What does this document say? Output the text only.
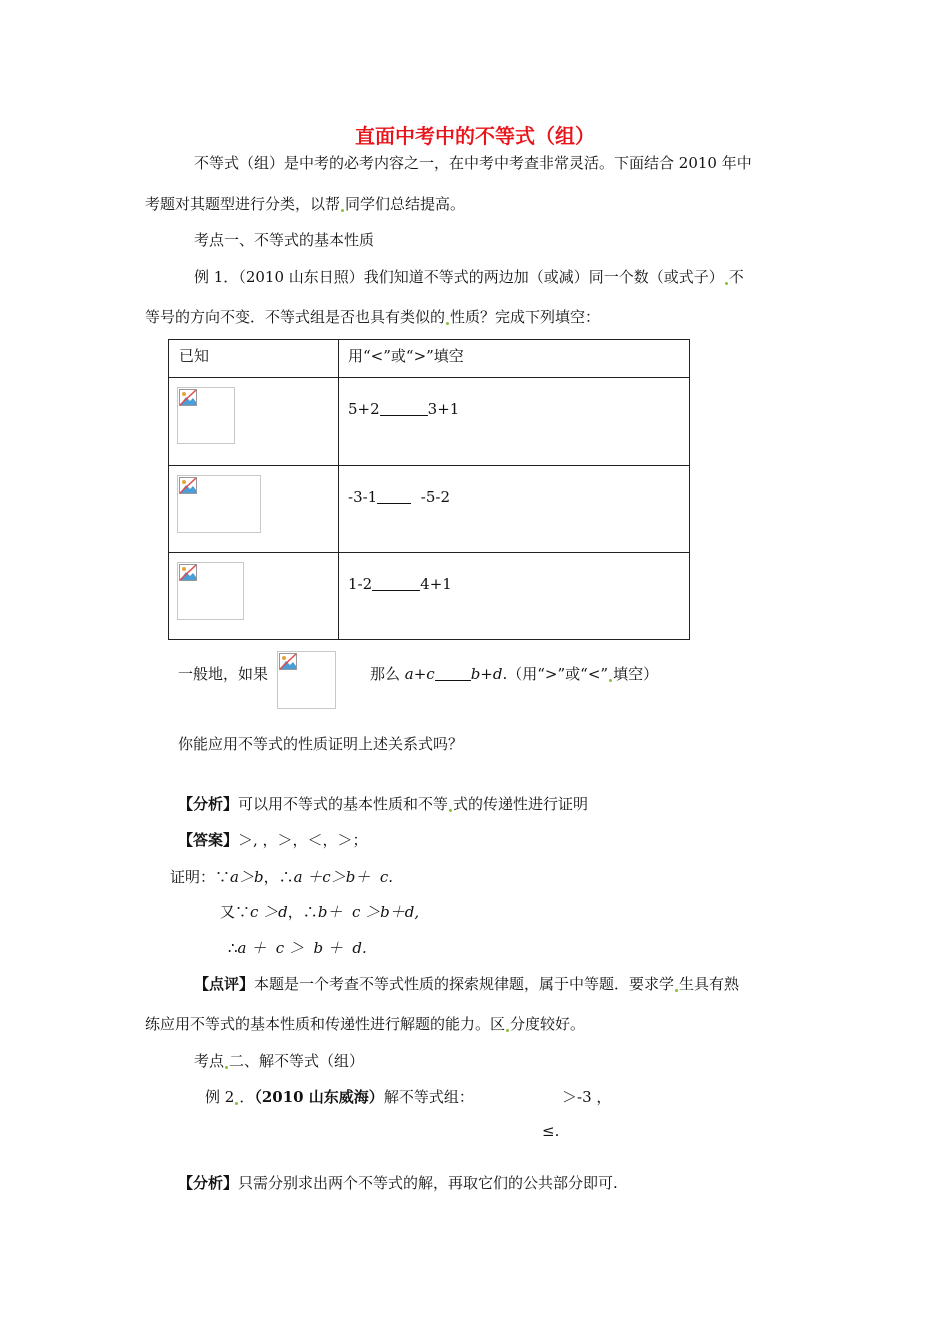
直面中考中的不等式（组）
不等式（组）是中考的必考内容之一，在中考中考查非常灵活。下面结合 2010 年中
考题对其题型进行分类，以帮 同学们总结提高。
考点一、不等式的基本性质
例 1．（2010 山东日照）我们知道不等式的两边加（或减）同一个数（或式子） 不
等号的方向不变．不等式组是否也具有类似的 性质？完成下列填空：
已知	用“<”或“>”填空

5+2 3+1

-3-1  -5-2

1-2 4+1
一般地，如果	那么 a+c b+d.（用“>”或“<” 填空）
你能应用不等式的性质证明上述关系式吗？
【分析】可以用不等式的基本性质和不等 式的传递性进行证明
【答案】＞, ，＞，＜，＞；
证明：∵a＞b，∴a ＋c＞b＋  c.
又∵c ＞d，∴b＋  c ＞b＋d,
∴a ＋  c ＞  b ＋  d.
【点评】本题是一个考查不等式性质的探索规律题，属于中等题．要求学 生具有熟
练应用不等式的基本性质和传递性进行解题的能力。区 分度较好。
考点 二、解不等式（组）
例 2 ．（2010 山东威海）解不等式组：	＞-3 ，
≤.
【分析】只需分别求出两个不等式的解，再取它们的公共部分即可.
